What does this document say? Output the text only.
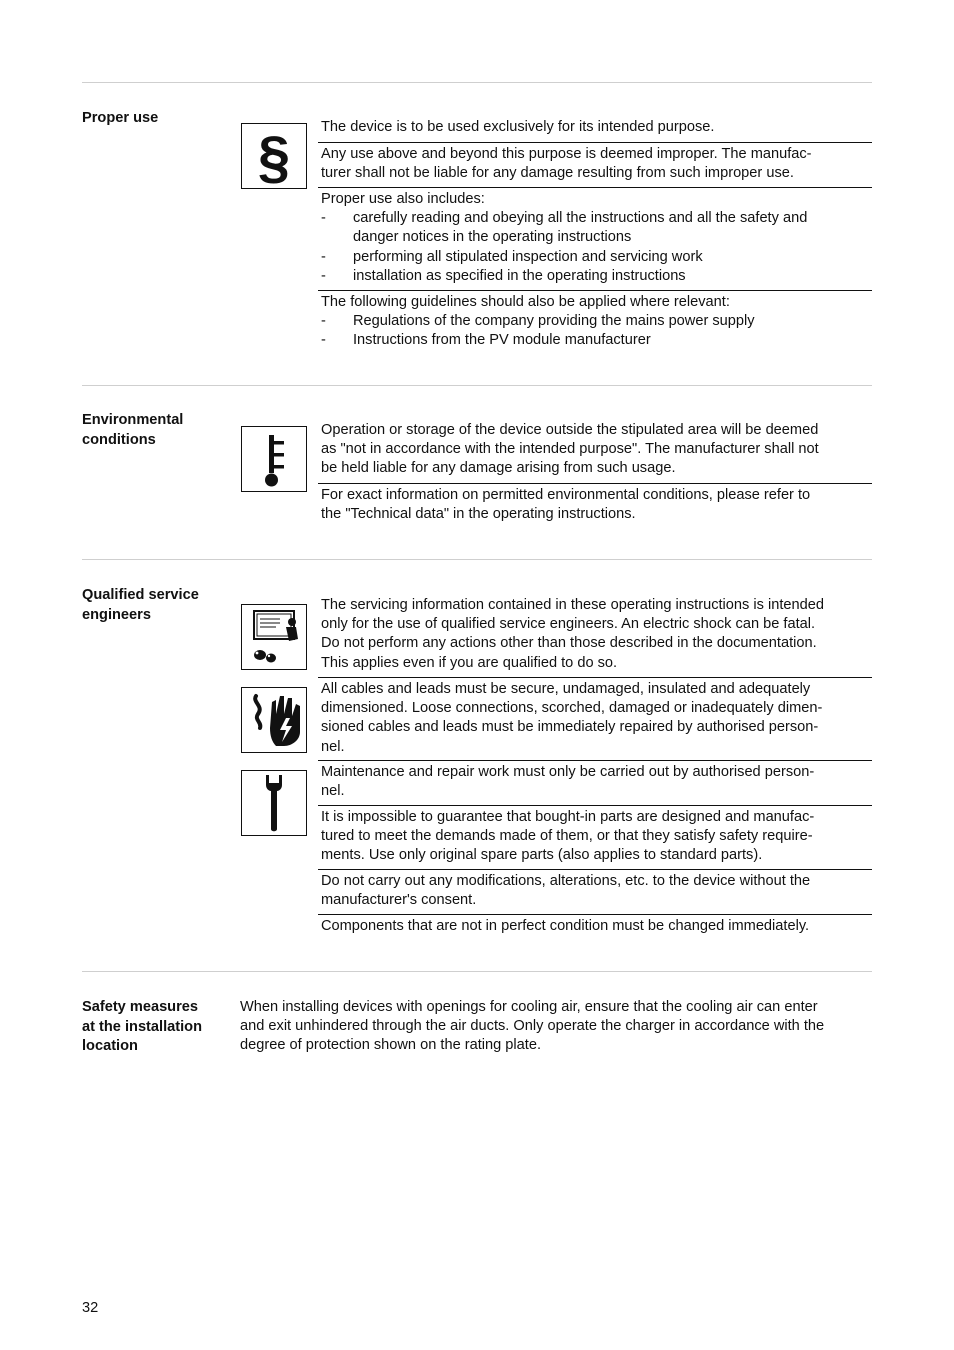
Proper use
§ The device is to be used exclusively for its intended purpose.
Any use above and beyond this purpose is deemed improper. The manufac-
turer shall not be liable for any damage resulting from such improper use.
Proper use also includes:
- carefully reading and obeying all the instructions and all the safety and
danger notices in the operating instructions
- performing all stipulated inspection and servicing work
- installation as specified in the operating instructions
The following guidelines should also be applied where relevant:
- Regulations of the company providing the mains power supply
- Instructions from the PV module manufacturer
Environmental
conditions
Operation or storage of the device outside the stipulated area will be deemed
as "not in accordance with the intended purpose". The manufacturer shall not
be held liable for any damage arising from such usage.
For exact information on permitted environmental conditions, please refer to
the "Technical data" in the operating instructions.
Qualified service
engineers
The servicing information contained in these operating instructions is intended
only for the use of qualified service engineers. An electric shock can be fatal.
Do not perform any actions other than those described in the documentation.
This applies even if you are qualified to do so.
All cables and leads must be secure, undamaged, insulated and adequately
dimensioned. Loose connections, scorched, damaged or inadequately dimen-
sioned cables and leads must be immediately repaired by authorised person-
nel.
Maintenance and repair work must only be carried out by authorised person-
nel.
It is impossible to guarantee that bought-in parts are designed and manufac-
tured to meet the demands made of them, or that they satisfy safety require-
ments. Use only original spare parts (also applies to standard parts).
Do not carry out any modifications, alterations, etc. to the device without the
manufacturer's consent.
Components that are not in perfect condition must be changed immediately.
Safety measures
at the installation
location
When installing devices with openings for cooling air, ensure that the cooling air can enter
and exit unhindered through the air ducts. Only operate the charger in accordance with the
degree of protection shown on the rating plate.
32
